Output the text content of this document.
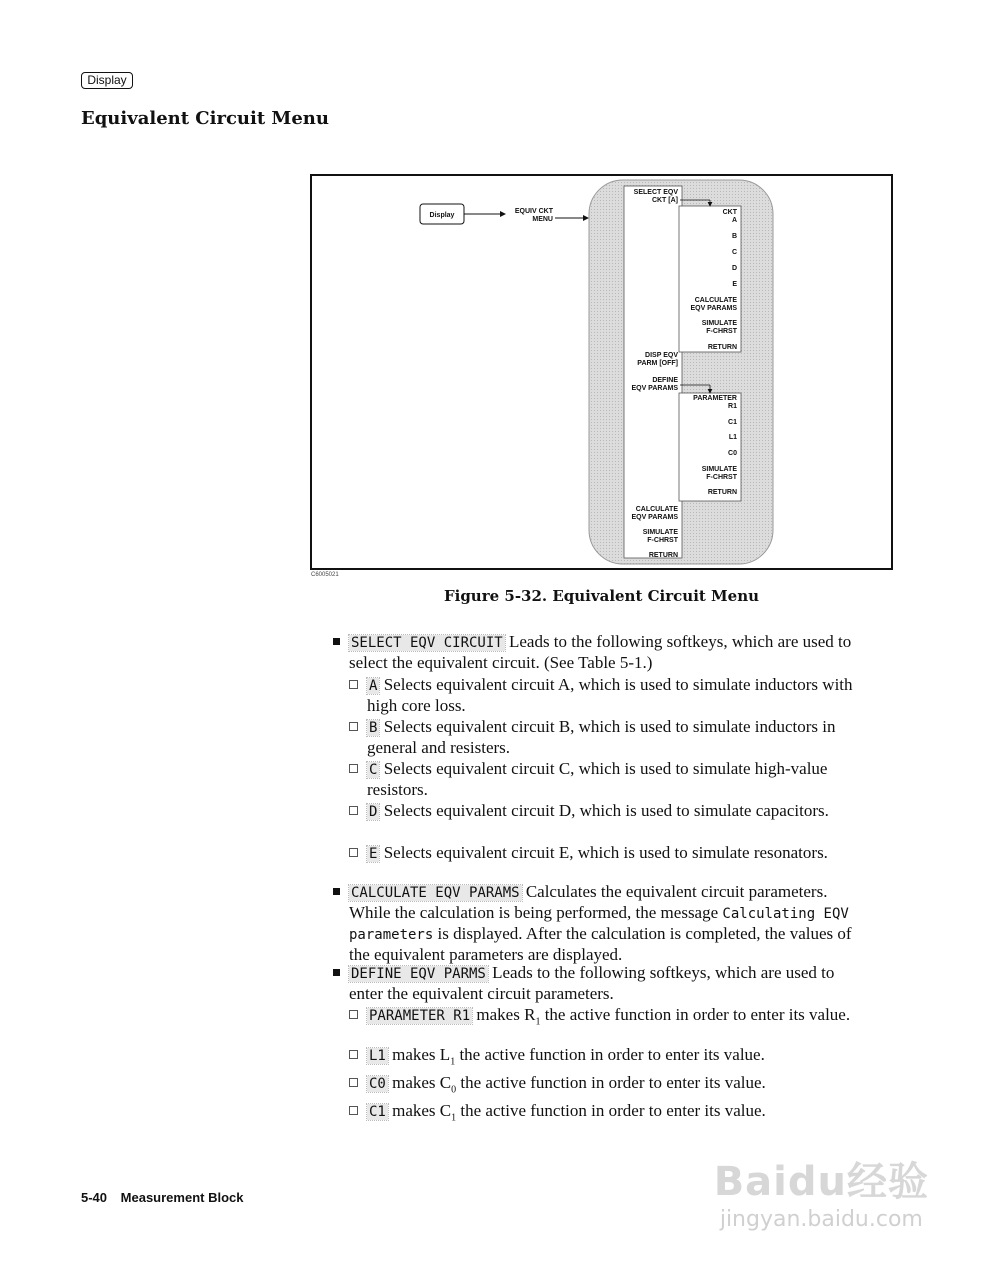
Display
Equivalent Circuit Menu
Display
EQUIV CKT
MENU
SELECT EQV
CKT [A]
DISP EQV
PARM [OFF]
DEFINE
EQV PARAMS
CALCULATE
EQV PARAMS
SIMULATE
F-CHRST
RETURN
CKT
A
B
C
D
E
CALCULATE
EQV PARAMS
SIMULATE
F-CHRST
RETURN
PARAMETER
R1
C1
L1
C0
SIMULATE
F-CHRST
RETURN
C6005021
Figure 5-32. Equivalent Circuit Menu
SELECT EQV CIRCUIT Leads to the following softkeys, which are used to select the equivalent circuit. (See Table 5-1.)
A Selects equivalent circuit A, which is used to simulate inductors with high core loss.
B Selects equivalent circuit B, which is used to simulate inductors in general and resisters.
C Selects equivalent circuit C, which is used to simulate high-value resistors.
D Selects equivalent circuit D, which is used to simulate capacitors.
E Selects equivalent circuit E, which is used to simulate resonators.
CALCULATE EQV PARAMS Calculates the equivalent circuit parameters. While the calculation is being performed, the message Calculating EQV parameters is displayed. After the calculation is completed, the values of the equivalent parameters are displayed.
DEFINE EQV PARMS Leads to the following softkeys, which are used to enter the equivalent circuit parameters.
PARAMETER R1 makes $R_1$ the active function in order to enter its value.
L1 makes $L_1$ the active function in order to enter its value.
C0 makes $C_0$ the active function in order to enter its value.
C1 makes $C_1$ the active function in order to enter its value.
5-40 Measurement Block	Baidu经验
jingyan.baidu.com
